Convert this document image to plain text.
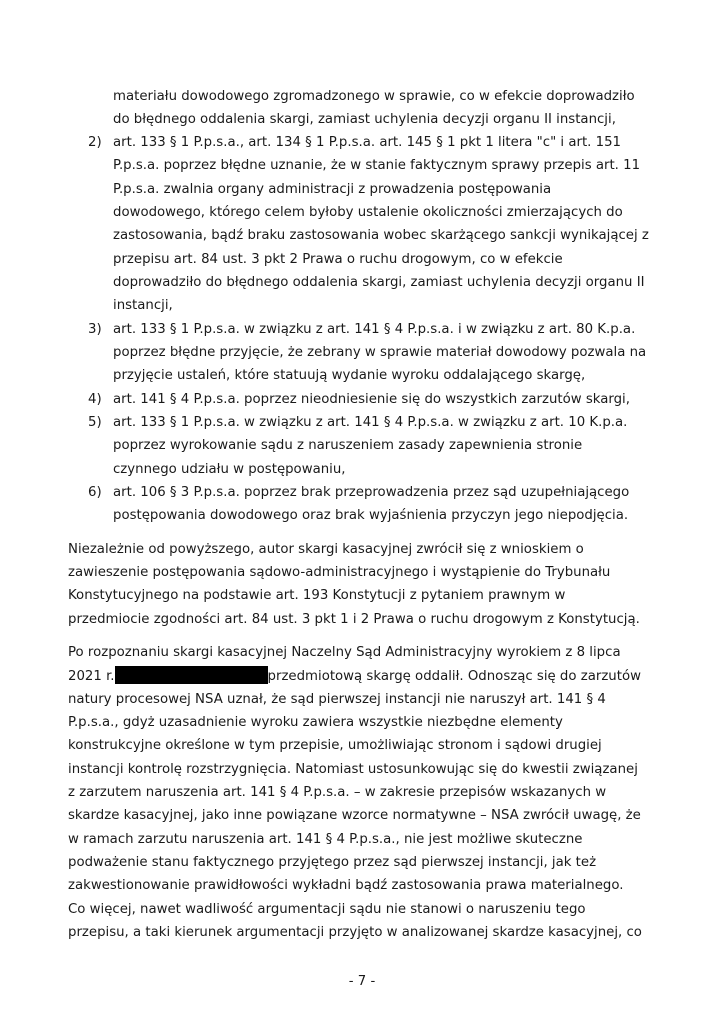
materiału dowodowego zgromadzonego w sprawie, co w efekcie doprowadziło
do błędnego oddalenia skargi, zamiast uchylenia decyzji organu II instancji,
2) art. 133 § 1 P.p.s.a., art. 134 § 1 P.p.s.a. art. 145 § 1 pkt 1 litera "c" i art. 151
P.p.s.a. poprzez błędne uznanie, że w stanie faktycznym sprawy przepis art. 11
P.p.s.a. zwalnia organy administracji z prowadzenia postępowania
dowodowego, którego celem byłoby ustalenie okoliczności zmierzających do
zastosowania, bądź braku zastosowania wobec skarżącego sankcji wynikającej z
przepisu art. 84 ust. 3 pkt 2 Prawa o ruchu drogowym, co w efekcie
doprowadziło do błędnego oddalenia skargi, zamiast uchylenia decyzji organu II
instancji,
3) art. 133 § 1 P.p.s.a. w związku z art. 141 § 4 P.p.s.a. i w związku z art. 80 K.p.a.
poprzez błędne przyjęcie, że zebrany w sprawie materiał dowodowy pozwala na
przyjęcie ustaleń, które statuują wydanie wyroku oddalającego skargę,
4) art. 141 § 4 P.p.s.a. poprzez nieodniesienie się do wszystkich zarzutów skargi,
5) art. 133 § 1 P.p.s.a. w związku z art. 141 § 4 P.p.s.a. w związku z art. 10 K.p.a.
poprzez wyrokowanie sądu z naruszeniem zasady zapewnienia stronie
czynnego udziału w postępowaniu,
6) art. 106 § 3 P.p.s.a. poprzez brak przeprowadzenia przez sąd uzupełniającego
postępowania dowodowego oraz brak wyjaśnienia przyczyn jego niepodjęcia.
Niezależnie od powyższego, autor skargi kasacyjnej zwrócił się z wnioskiem o
zawieszenie postępowania sądowo-administracyjnego i wystąpienie do Trybunału
Konstytucyjnego na podstawie art. 193 Konstytucji z pytaniem prawnym w
przedmiocie zgodności art. 84 ust. 3 pkt 1 i 2 Prawa o ruchu drogowym z Konstytucją.
Po rozpoznaniu skargi kasacyjnej Naczelny Sąd Administracyjny wyrokiem z 8 lipca
2021 r.	przedmiotową skargę oddalił. Odnosząc się do zarzutów
natury procesowej NSA uznał, że sąd pierwszej instancji nie naruszył art. 141 § 4
P.p.s.a., gdyż uzasadnienie wyroku zawiera wszystkie niezbędne elementy
konstrukcyjne określone w tym przepisie, umożliwiając stronom i sądowi drugiej
instancji kontrolę rozstrzygnięcia. Natomiast ustosunkowując się do kwestii związanej
z zarzutem naruszenia art. 141 § 4 P.p.s.a. – w zakresie przepisów wskazanych w
skardze kasacyjnej, jako inne powiązane wzorce normatywne – NSA zwrócił uwagę, że
w ramach zarzutu naruszenia art. 141 § 4 P.p.s.a., nie jest możliwe skuteczne
podważenie stanu faktycznego przyjętego przez sąd pierwszej instancji, jak też
zakwestionowanie prawidłowości wykładni bądź zastosowania prawa materialnego.
Co więcej, nawet wadliwość argumentacji sądu nie stanowi o naruszeniu tego
przepisu, a taki kierunek argumentacji przyjęto w analizowanej skardze kasacyjnej, co
- 7 -
